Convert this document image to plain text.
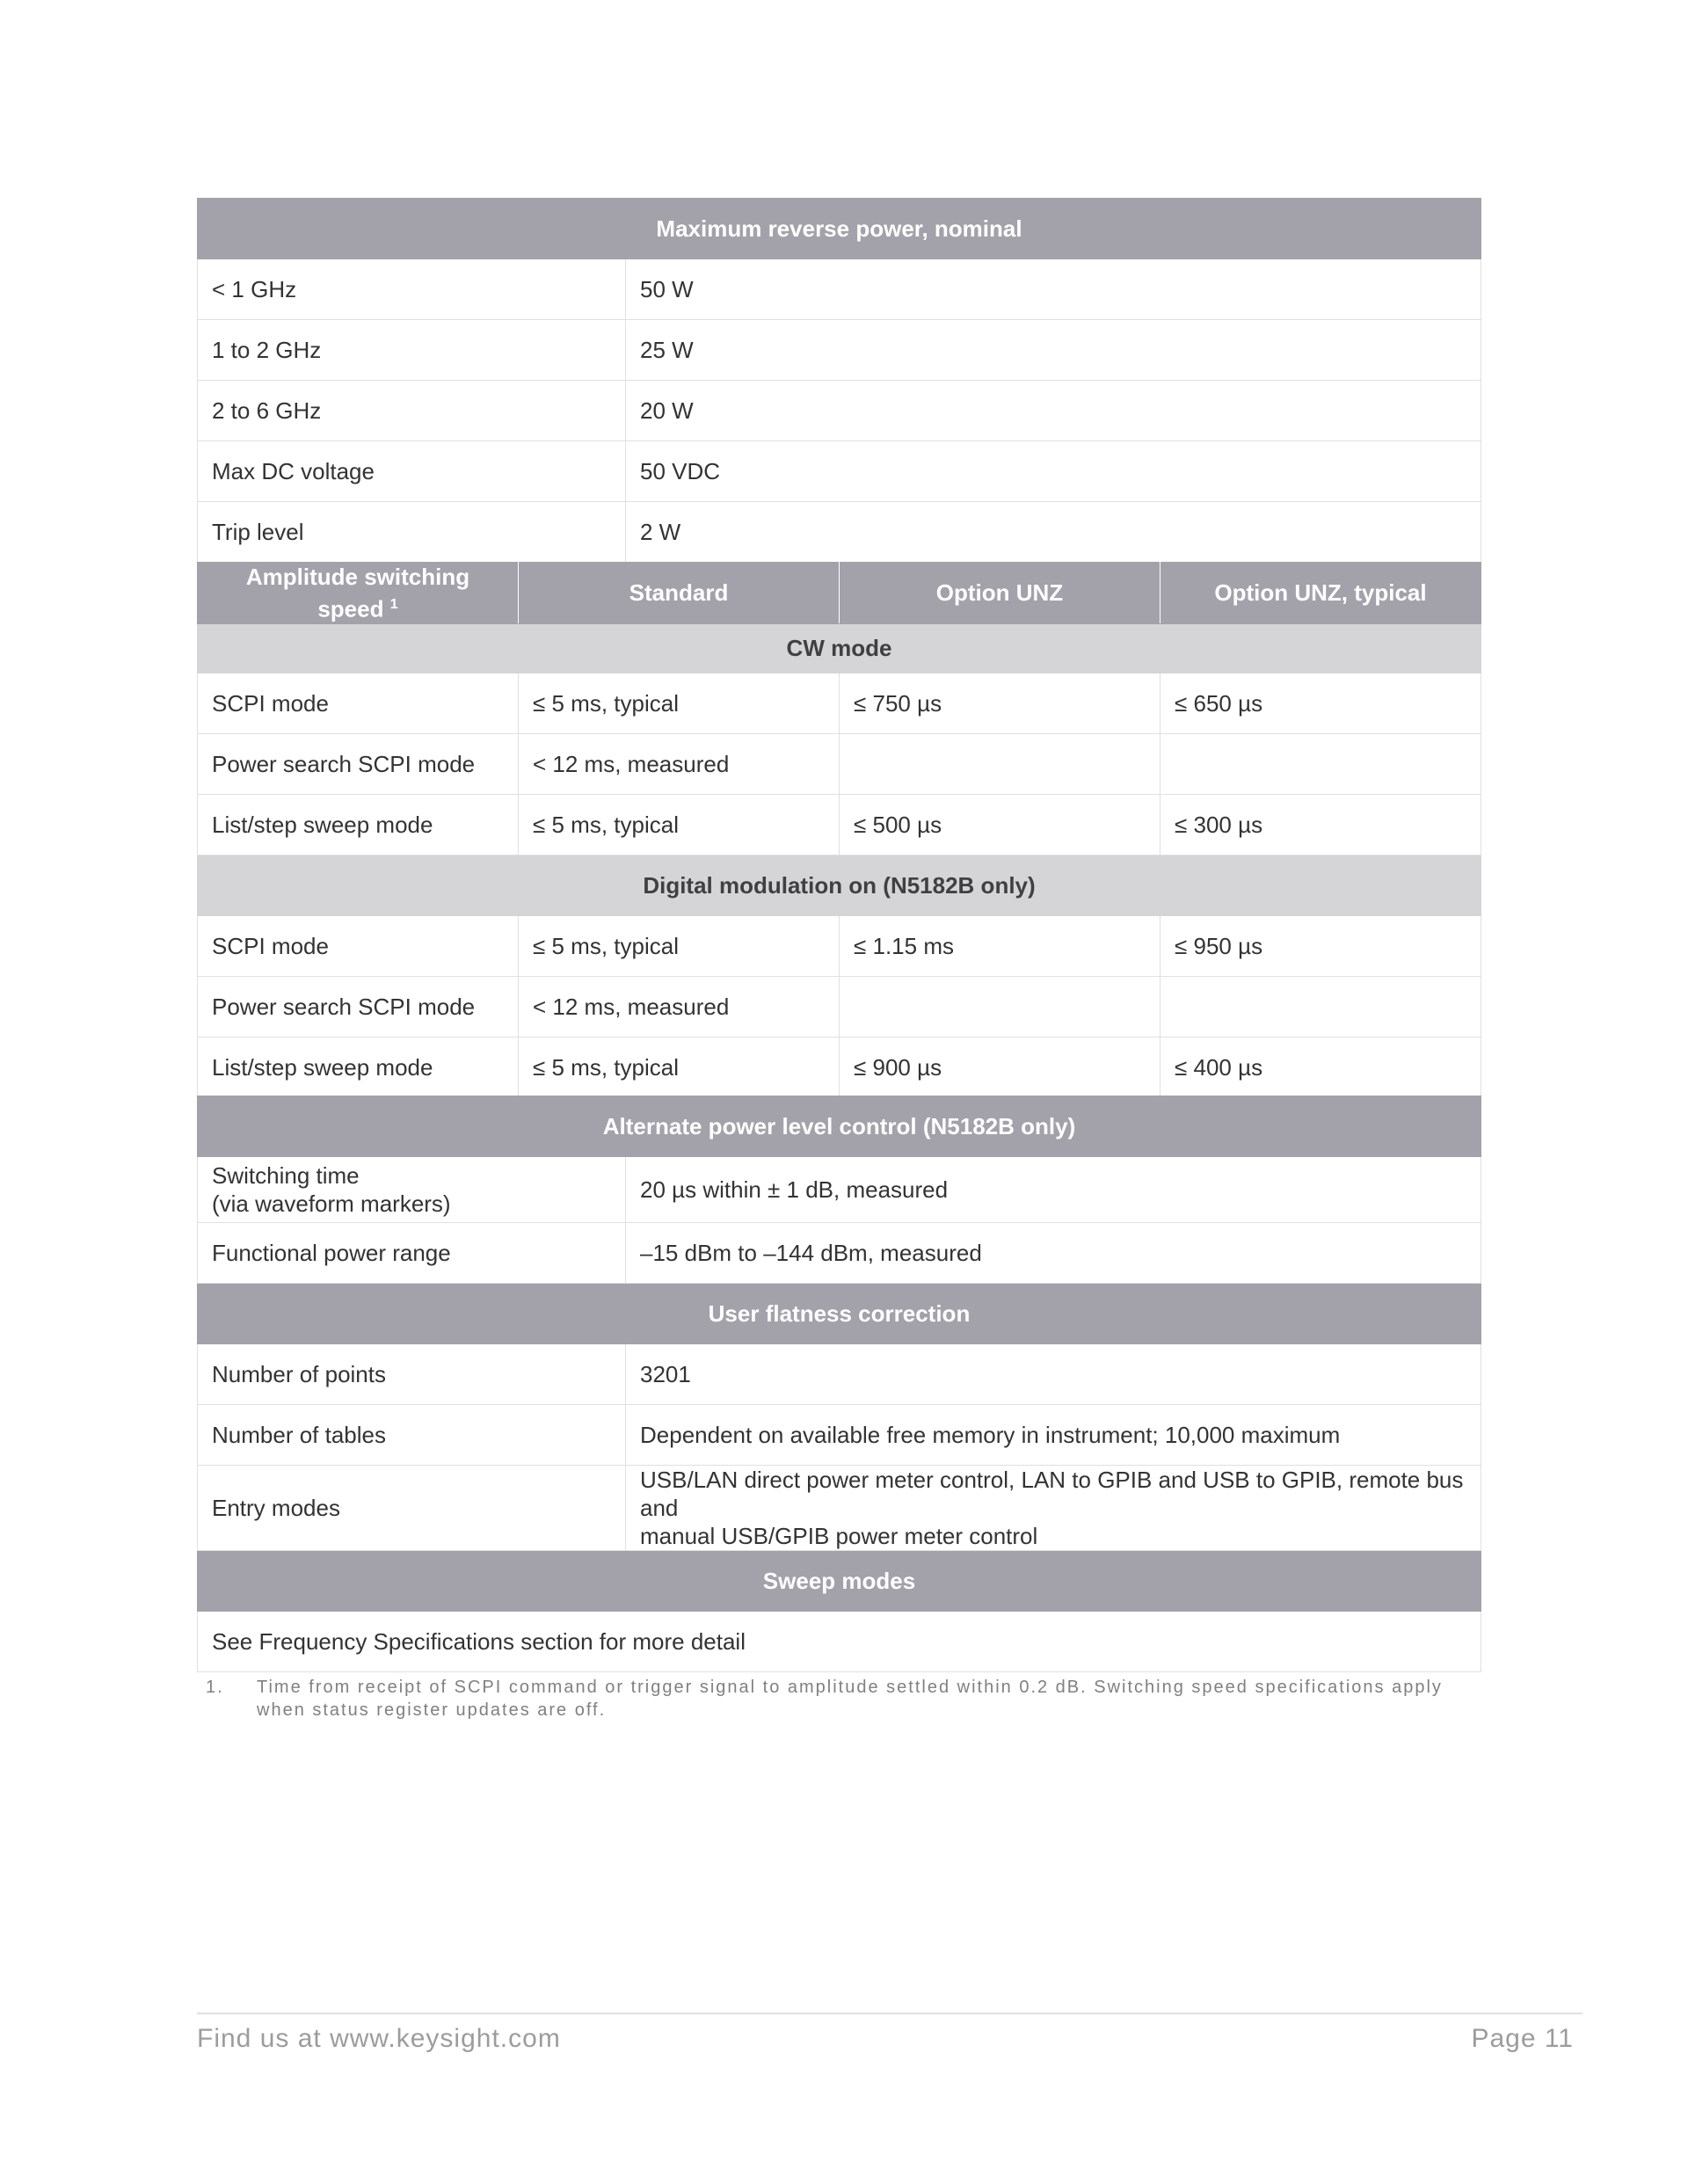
Maximum reverse power, nominal	
< 1 GHz	50 W
1 to 2 GHz	25 W
2 to 6 GHz	20 W
Max DC voltage	50 VDC
Trip level	2 W
Amplitude switching speed $^1$	Standard	Option UNZ	Option UNZ, typical
CW mode			
SCPI mode	≤ 5 ms, typical	≤ 750 µs	≤ 650 µs
Power search SCPI mode	< 12 ms, measured		
List/step sweep mode	≤ 5 ms, typical	≤ 500 µs	≤ 300 µs
Digital modulation on (N5182B only)			
SCPI mode	≤ 5 ms, typical	≤ 1.15 ms	≤ 950 µs
Power search SCPI mode	< 12 ms, measured		
List/step sweep mode	≤ 5 ms, typical	≤ 900 µs	≤ 400 µs
Alternate power level control (N5182B only)	
Switching time
(via waveform markers)	20 µs within ± 1 dB, measured
Functional power range	–15 dBm to –144 dBm, measured
User flatness correction	
Number of points	3201
Number of tables	Dependent on available free memory in instrument; 10,000 maximum
Entry modes	USB/LAN direct power meter control, LAN to GPIB and USB to GPIB, remote bus and
manual USB/GPIB power meter control
Sweep modes	
See Frequency Specifications section for more detail	
1. Time from receipt of SCPI command or trigger signal to amplitude settled within 0.2 dB. Switching speed specifications apply
when status register updates are off.
Find us at www.keysight.com	Page 11
